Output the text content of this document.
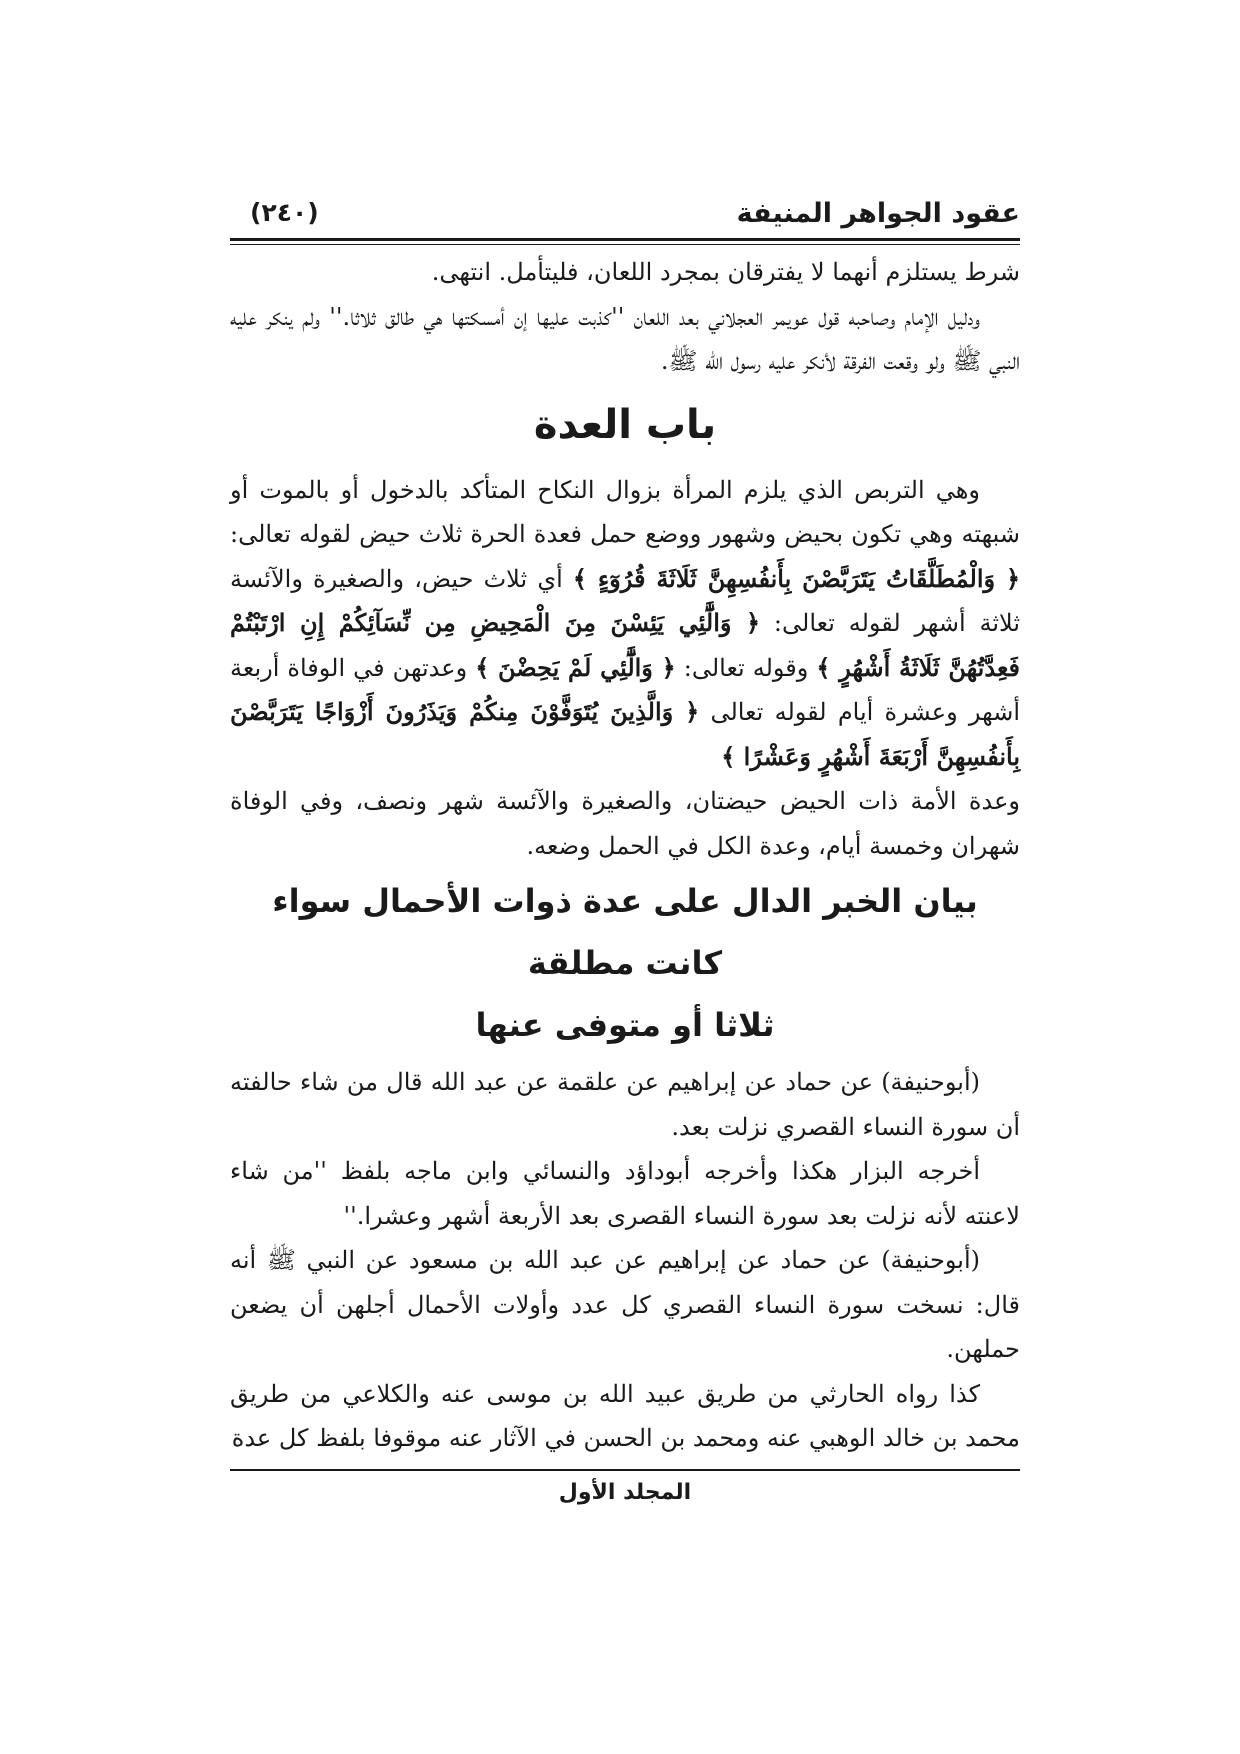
عقود الجواهر المنيفة
(٢٤٠)

شرط يستلزم أنهما لا يفترقان بمجرد اللعان، فليتأمل. انتهى.

ودليل الإمام وصاحبه قول عويمر العجلاني بعد اللعان ''كذبت عليها إن أمسكتها هي طالق ثلاثا.'' ولم ينكر عليه النبي ﷺ ولو وقعت الفرقة لأنكر عليه رسول الله ﷺ.

باب العدة

وهي التربص الذي يلزم المرأة بزوال النكاح المتأكد بالدخول أو بالموت أو شبهته وهي تكون بحيض وشهور ووضع حمل فعدة الحرة ثلاث حيض لقوله تعالى: ﴿ وَالْمُطَلَّقَاتُ يَتَرَبَّصْنَ بِأَنفُسِهِنَّ ثَلَاثَةَ قُرُوٓءٍ ﴾ أي ثلاث حيض، والصغيرة والآئسة ثلاثة أشهر لقوله تعالى: ﴿ وَالَّٰٓئِي يَئِسْنَ مِنَ الْمَحِيضِ مِن نِّسَآئِكُمْ إِنِ ارْتَبْتُمْ فَعِدَّتُهُنَّ ثَلَاثَةُ أَشْهُرٍ ﴾ وقوله تعالى: ﴿ وَالَّٰٓئِي لَمْ يَحِضْنَ ﴾ وعدتهن في الوفاة أربعة أشهر وعشرة أيام لقوله تعالى ﴿ وَالَّذِينَ يُتَوَفَّوْنَ مِنكُمْ وَيَذَرُونَ أَزْوَاجًا يَتَرَبَّصْنَ بِأَنفُسِهِنَّ أَرْبَعَةَ أَشْهُرٍ وَعَشْرًا ﴾

وعدة الأمة ذات الحيض حيضتان، والصغيرة والآئسة شهر ونصف، وفي الوفاة شهران وخمسة أيام، وعدة الكل في الحمل وضعه.

بيان الخبر الدال على عدة ذوات الأحمال سواء كانت مطلقة
ثلاثا أو متوفى عنها

(أبوحنيفة) عن حماد عن إبراهيم عن علقمة عن عبد الله قال من شاء حالفته أن سورة النساء القصري نزلت بعد.

أخرجه البزار هكذا وأخرجه أبوداؤد والنسائي وابن ماجه بلفظ ''من شاء لاعنته لأنه نزلت بعد سورة النساء القصرى بعد الأربعة أشهر وعشرا.''

(أبوحنيفة) عن حماد عن إبراهيم عن عبد الله بن مسعود عن النبي ﷺ أنه قال: نسخت سورة النساء القصري كل عدد وأولات الأحمال أجلهن أن يضعن حملهن.

كذا رواه الحارثي من طريق عبيد الله بن موسى عنه والكلاعي من طريق محمد بن خالد الوهبي عنه ومحمد بن الحسن في الآثار عنه موقوفا بلفظ كل عدة

المجلد الأول
